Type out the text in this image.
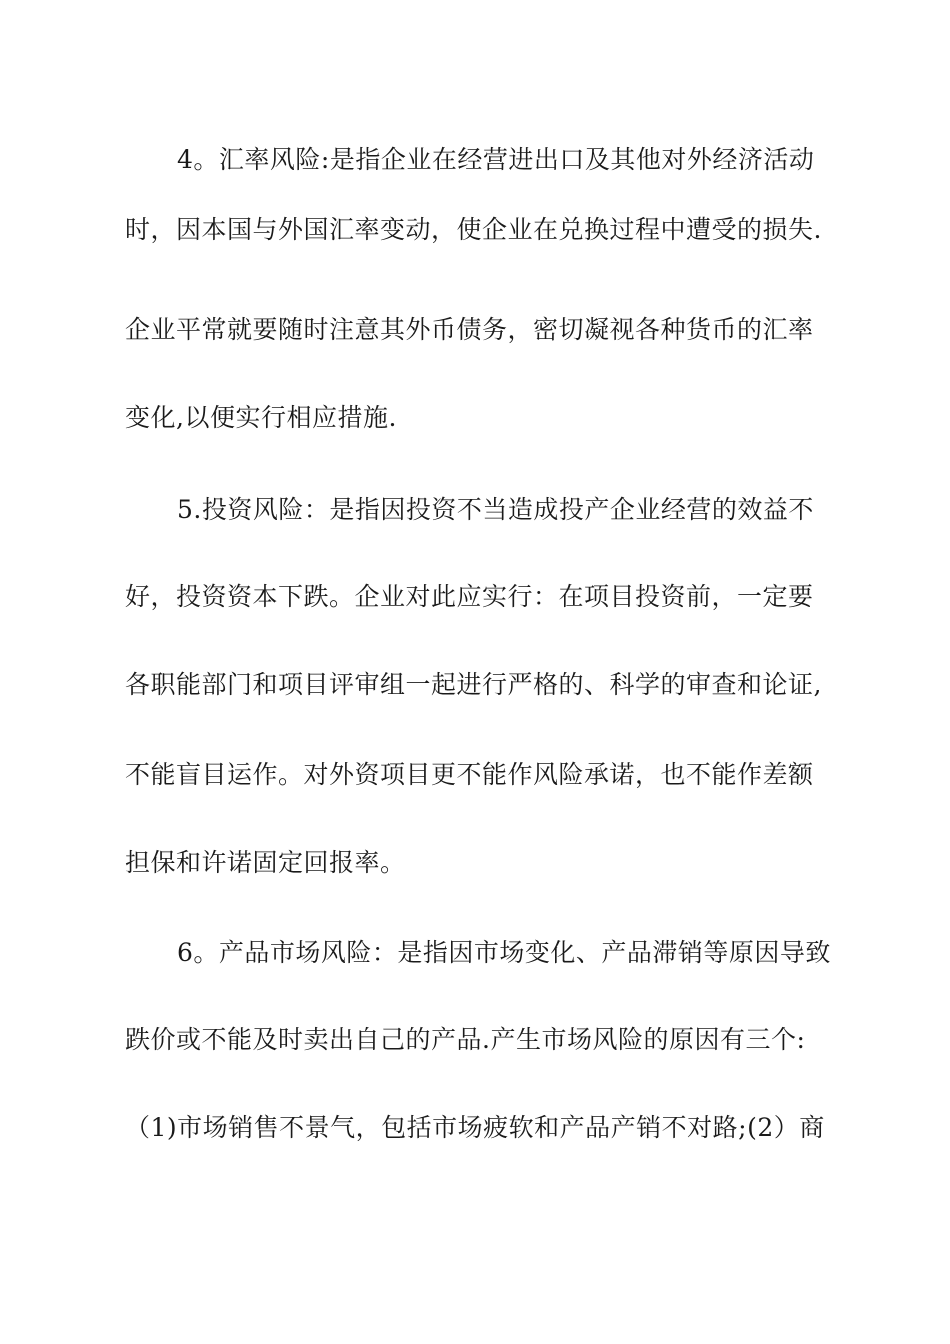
4。汇率风险:是指企业在经营进出口及其他对外经济活动
时，因本国与外国汇率变动，使企业在兑换过程中遭受的损失.
企业平常就要随时注意其外币债务，密切凝视各种货币的汇率
变化,以便实行相应措施.
5.投资风险：是指因投资不当造成投产企业经营的效益不
好，投资资本下跌。企业对此应实行：在项目投资前，一定要
各职能部门和项目评审组一起进行严格的、科学的审查和论证,
不能盲目运作。对外资项目更不能作风险承诺，也不能作差额
担保和许诺固定回报率。
6。产品市场风险：是指因市场变化、产品滞销等原因导致
跌价或不能及时卖出自己的产品.产生市场风险的原因有三个:
（1)市场销售不景气，包括市场疲软和产品产销不对路;(2）商
